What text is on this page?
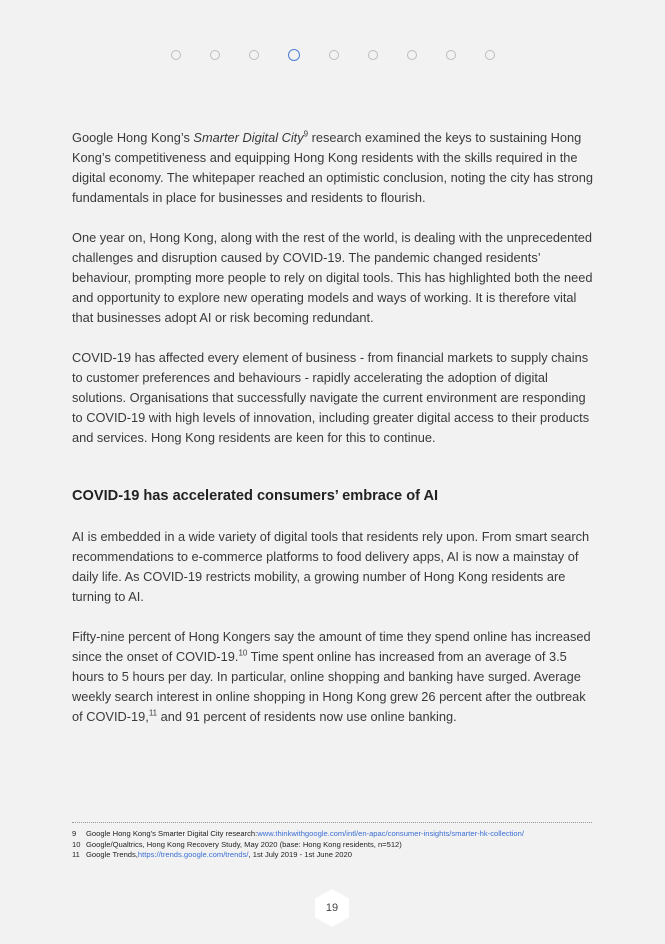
Google Hong Kong’s Smarter Digital City$^9$ research examined the keys to sustaining Hong Kong’s competitiveness and equipping Hong Kong residents with the skills required in the digital economy. The whitepaper reached an optimistic conclusion, noting the city has strong fundamentals in place for businesses and residents to flourish.

One year on, Hong Kong, along with the rest of the world, is dealing with the unprecedented challenges and disruption caused by COVID-19. The pandemic changed residents’ behaviour, prompting more people to rely on digital tools. This has highlighted both the need and opportunity to explore new operating models and ways of working. It is therefore vital that businesses adopt AI or risk becoming redundant.

COVID-19 has affected every element of business - from financial markets to supply chains to customer preferences and behaviours - rapidly accelerating the adoption of digital solutions. Organisations that successfully navigate the current environment are responding to COVID-19 with high levels of innovation, including greater digital access to their products and services. Hong Kong residents are keen for this to continue.

COVID-19 has accelerated consumers’ embrace of AI

AI is embedded in a wide variety of digital tools that residents rely upon. From smart search recommendations to e-commerce platforms to food delivery apps, AI is now a mainstay of daily life. As COVID-19 restricts mobility, a growing number of Hong Kong residents are turning to AI.

Fifty-nine percent of Hong Kongers say the amount of time they spend online has increased since the onset of COVID-19.10 Time spent online has increased from an average of 3.5 hours to 5 hours per day. In particular, online shopping and banking have surged. Average weekly search interest in online shopping in Hong Kong grew 26 percent after the outbreak of COVID-19,11 and 91 percent of residents now use online banking.

9	Google Hong Kong’s Smarter Digital City research: www.thinkwithgoogle.com/intl/en-apac/consumer-insights/smarter-hk-collection/
10 Google/Qualtrics, Hong Kong Recovery Study, May 2020 (base: Hong Kong residents, n=512)
11 Google Trends, https://trends.google.com/trends/ , 1st July 2019 - 1st June 2020
19
